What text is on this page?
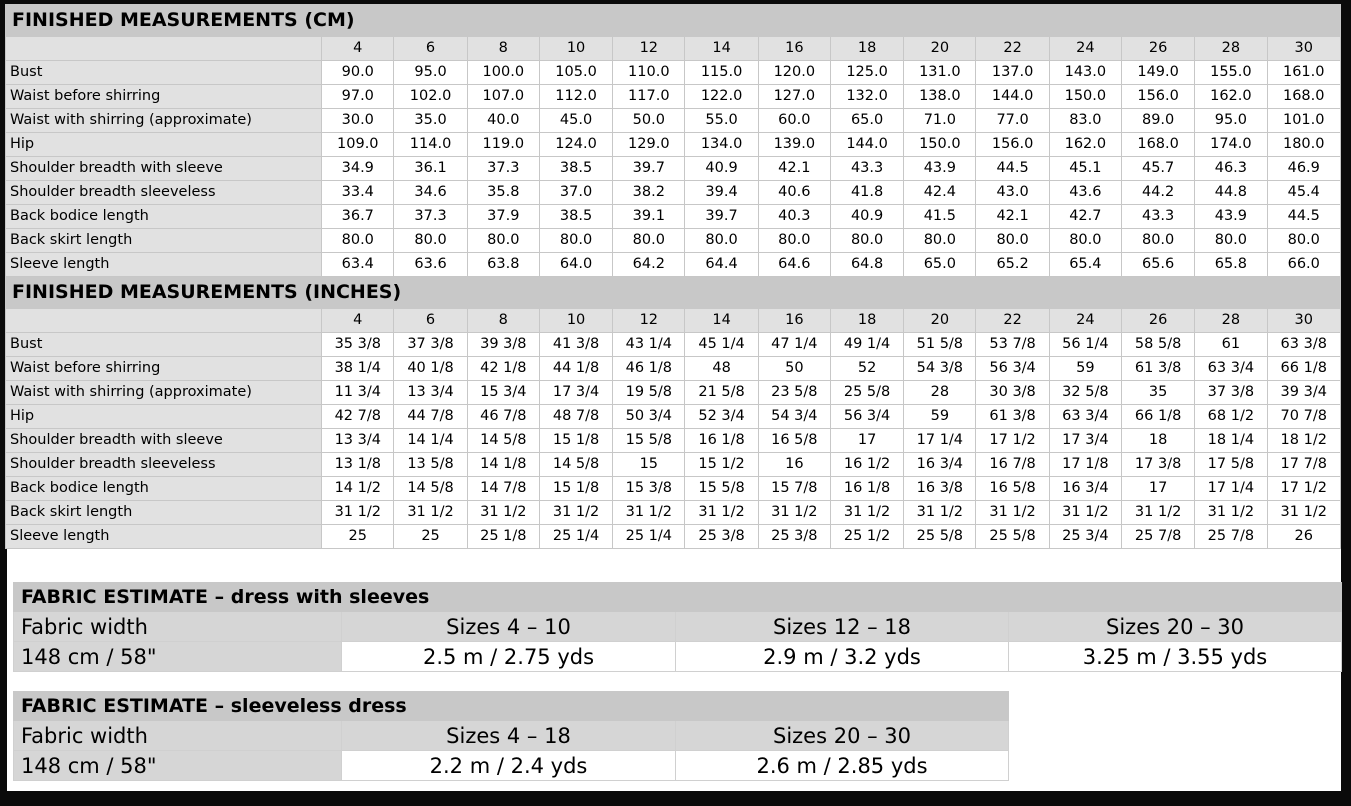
FINISHED MEASUREMENTS (CM)														
	4	6	8	10	12	14	16	18	20	22	24	26	28	30
Bust	90.0	95.0	100.0	105.0	110.0	115.0	120.0	125.0	131.0	137.0	143.0	149.0	155.0	161.0
Waist before shirring	97.0	102.0	107.0	112.0	117.0	122.0	127.0	132.0	138.0	144.0	150.0	156.0	162.0	168.0
Waist with shirring (approximate)	30.0	35.0	40.0	45.0	50.0	55.0	60.0	65.0	71.0	77.0	83.0	89.0	95.0	101.0
Hip	109.0	114.0	119.0	124.0	129.0	134.0	139.0	144.0	150.0	156.0	162.0	168.0	174.0	180.0
Shoulder breadth with sleeve	34.9	36.1	37.3	38.5	39.7	40.9	42.1	43.3	43.9	44.5	45.1	45.7	46.3	46.9
Shoulder breadth sleeveless	33.4	34.6	35.8	37.0	38.2	39.4	40.6	41.8	42.4	43.0	43.6	44.2	44.8	45.4
Back bodice length	36.7	37.3	37.9	38.5	39.1	39.7	40.3	40.9	41.5	42.1	42.7	43.3	43.9	44.5
Back skirt length	80.0	80.0	80.0	80.0	80.0	80.0	80.0	80.0	80.0	80.0	80.0	80.0	80.0	80.0
Sleeve length	63.4	63.6	63.8	64.0	64.2	64.4	64.6	64.8	65.0	65.2	65.4	65.6	65.8	66.0
FINISHED MEASUREMENTS (INCHES)														
	4	6	8	10	12	14	16	18	20	22	24	26	28	30
Bust	35 3/8	37 3/8	39 3/8	41 3/8	43 1/4	45 1/4	47 1/4	49 1/4	51 5/8	53 7/8	56 1/4	58 5/8	61	63 3/8
Waist before shirring	38 1/4	40 1/8	42 1/8	44 1/8	46 1/8	48	50	52	54 3/8	56 3/4	59	61 3/8	63 3/4	66 1/8
Waist with shirring (approximate)	11 3/4	13 3/4	15 3/4	17 3/4	19 5/8	21 5/8	23 5/8	25 5/8	28	30 3/8	32 5/8	35	37 3/8	39 3/4
Hip	42 7/8	44 7/8	46 7/8	48 7/8	50 3/4	52 3/4	54 3/4	56 3/4	59	61 3/8	63 3/4	66 1/8	68 1/2	70 7/8
Shoulder breadth with sleeve	13 3/4	14 1/4	14 5/8	15 1/8	15 5/8	16 1/8	16 5/8	17	17 1/4	17 1/2	17 3/4	18	18 1/4	18 1/2
Shoulder breadth sleeveless	13 1/8	13 5/8	14 1/8	14 5/8	15	15 1/2	16	16 1/2	16 3/4	16 7/8	17 1/8	17 3/8	17 5/8	17 7/8
Back bodice length	14 1/2	14 5/8	14 7/8	15 1/8	15 3/8	15 5/8	15 7/8	16 1/8	16 3/8	16 5/8	16 3/4	17	17 1/4	17 1/2
Back skirt length	31 1/2	31 1/2	31 1/2	31 1/2	31 1/2	31 1/2	31 1/2	31 1/2	31 1/2	31 1/2	31 1/2	31 1/2	31 1/2	31 1/2
Sleeve length	25	25	25 1/8	25 1/4	25 1/4	25 3/8	25 3/8	25 1/2	25 5/8	25 5/8	25 3/4	25 7/8	25 7/8	26
FABRIC ESTIMATE – dress with sleeves			
Fabric width	Sizes 4 – 10	Sizes 12 – 18	Sizes 20 – 30
148 cm / 58"	2.5 m / 2.75 yds	2.9 m / 3.2 yds	3.25 m / 3.55 yds
FABRIC ESTIMATE – sleeveless dress		
Fabric width	Sizes 4 – 18	Sizes 20 – 30
148 cm / 58"	2.2 m / 2.4 yds	2.6 m / 2.85 yds
